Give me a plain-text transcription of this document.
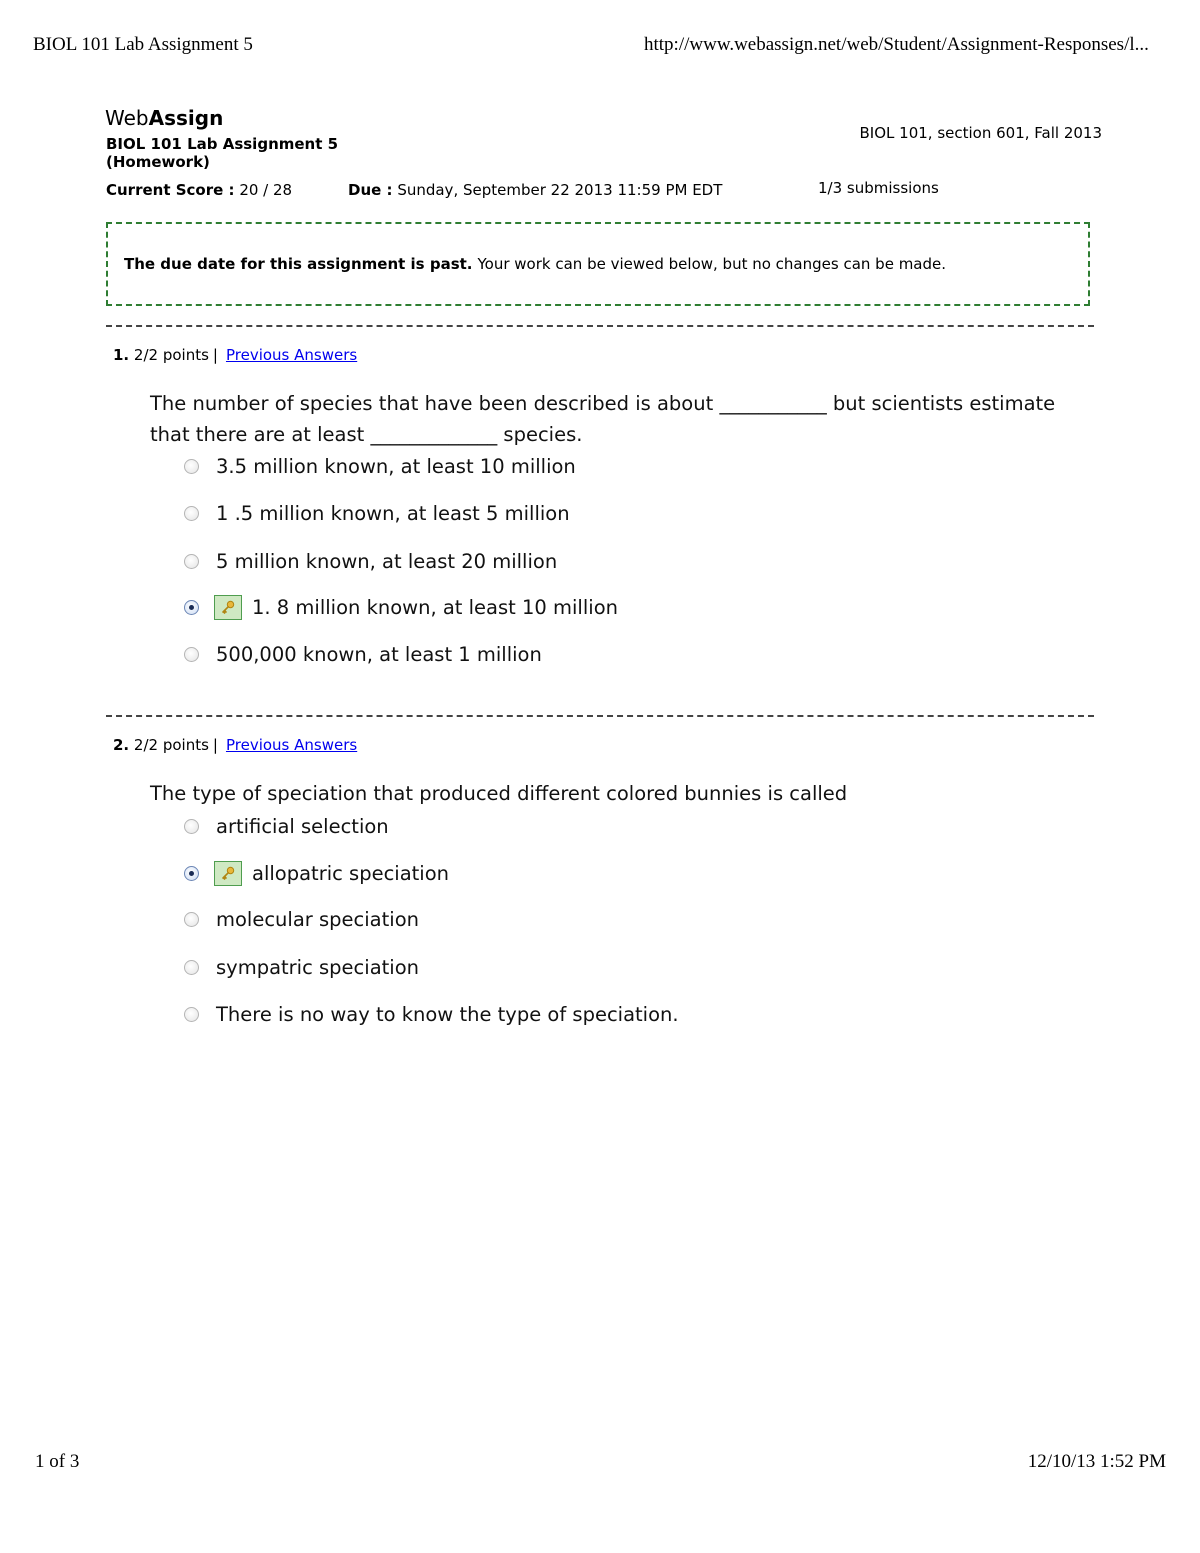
BIOL 101 Lab Assignment 5	http://www.webassign.net/web/Student/Assignment-Responses/l...
1 of 3	12/10/13 1:52 PM
WebAssign
BIOL 101 Lab Assignment 5 (Homework)
BIOL 101, section 601, Fall 2013
Current Score : 20 / 28	Due : Sunday, September 22 2013 11:59 PM EDT	1/3 submissions
The due date for this assignment is past. Your work can be viewed below, but no changes can be made.
1. 2/2 points | Previous Answers
The number of species that have been described is about ___________ but scientists estimate that there are at least _____________ species.
3.5 million known, at least 10 million
1 .5 million known, at least 5 million
5 million known, at least 20 million
1. 8 million known, at least 10 million
500,000 known, at least 1 million
2. 2/2 points | Previous Answers
The type of speciation that produced different colored bunnies is called
artificial selection
allopatric speciation
molecular speciation
sympatric speciation
There is no way to know the type of speciation.
